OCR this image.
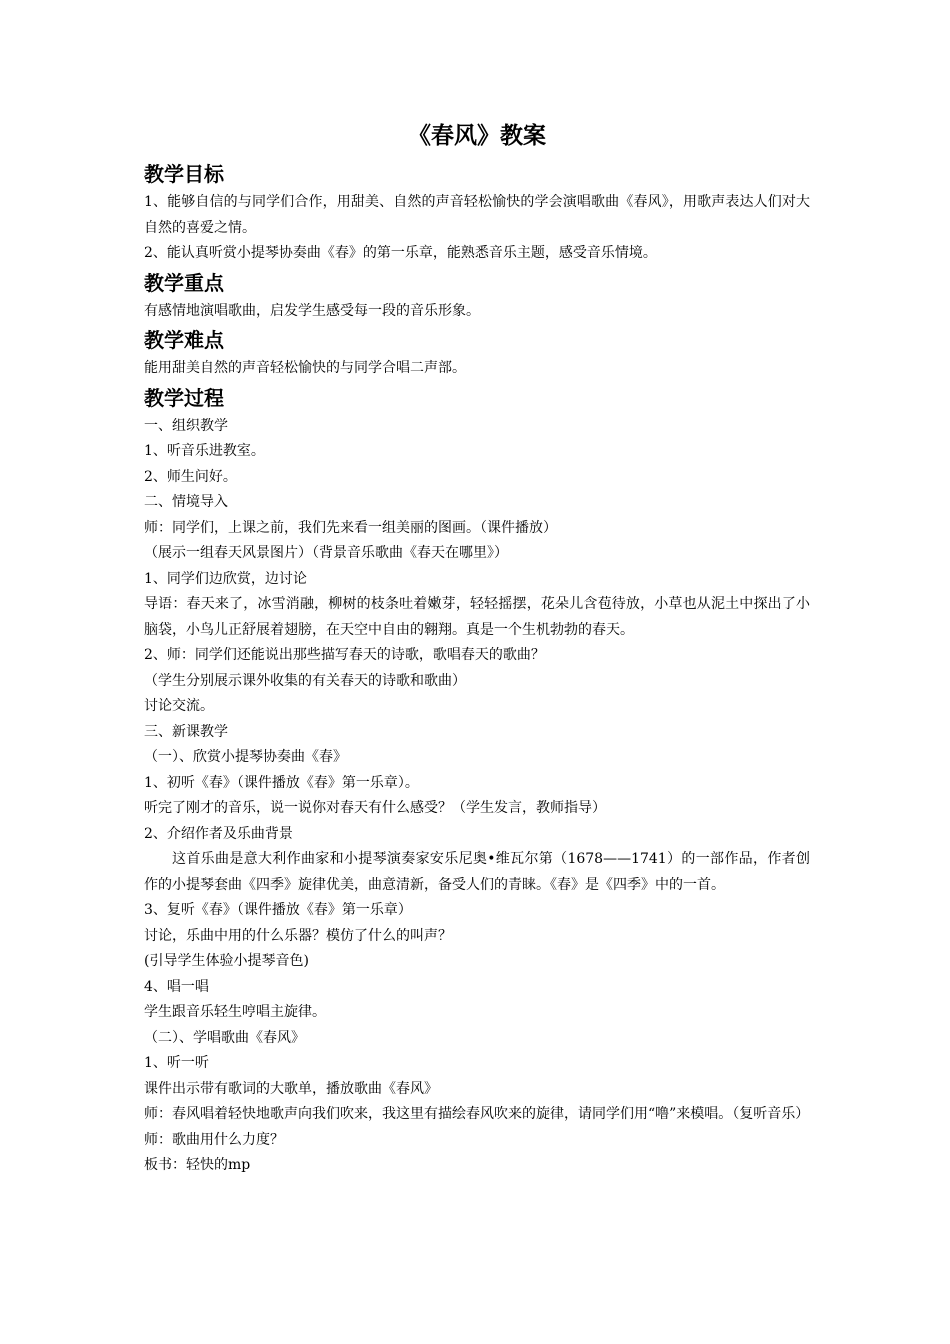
《春风》教案
教学目标

1、能够自信的与同学们合作，用甜美、自然的声音轻松愉快的学会演唱歌曲《春风》，用歌声表达人们对大自然的喜爱之情。

2、能认真听赏小提琴协奏曲《春》的第一乐章，能熟悉音乐主题，感受音乐情境。

教学重点

有感情地演唱歌曲，启发学生感受每一段的音乐形象。

教学难点

能用甜美自然的声音轻松愉快的与同学合唱二声部。

教学过程

一、组织教学

1、听音乐进教室。

2、师生问好。

二、情境导入

师：同学们，上课之前，我们先来看一组美丽的图画。（课件播放）

（展示一组春天风景图片）（背景音乐歌曲《春天在哪里》）

1、同学们边欣赏，边讨论

导语：春天来了，冰雪消融，柳树的枝条吐着嫩芽，轻轻摇摆，花朵儿含苞待放，小草也从泥土中探出了小脑袋，小鸟儿正舒展着翅膀，在天空中自由的翱翔。真是一个生机勃勃的春天。

2、师：同学们还能说出那些描写春天的诗歌，歌唱春天的歌曲？

（学生分别展示课外收集的有关春天的诗歌和歌曲）

讨论交流。

三、新课教学

（一）、欣赏小提琴协奏曲《春》

1、初听《春》（课件播放《春》第一乐章）。

听完了刚才的音乐，说一说你对春天有什么感受？（学生发言，教师指导）

2、介绍作者及乐曲背景

这首乐曲是意大利作曲家和小提琴演奏家安乐尼奥•维瓦尔第（1678——1741）的一部作品，作者创作的小提琴套曲《四季》旋律优美，曲意清新，备受人们的青睐。《春》是《四季》中的一首。

3、复听《春》（课件播放《春》第一乐章）

讨论，乐曲中用的什么乐器？模仿了什么的叫声？

(引导学生体验小提琴音色)

4、唱一唱

学生跟音乐轻生哼唱主旋律。

（二）、学唱歌曲《春风》

1、听一听

课件出示带有歌词的大歌单，播放歌曲《春风》

师：春风唱着轻快地歌声向我们吹来，我这里有描绘春风吹来的旋律，请同学们用“噜”来模唱。（复听音乐）

师：歌曲用什么力度？

板书：轻快的mp
